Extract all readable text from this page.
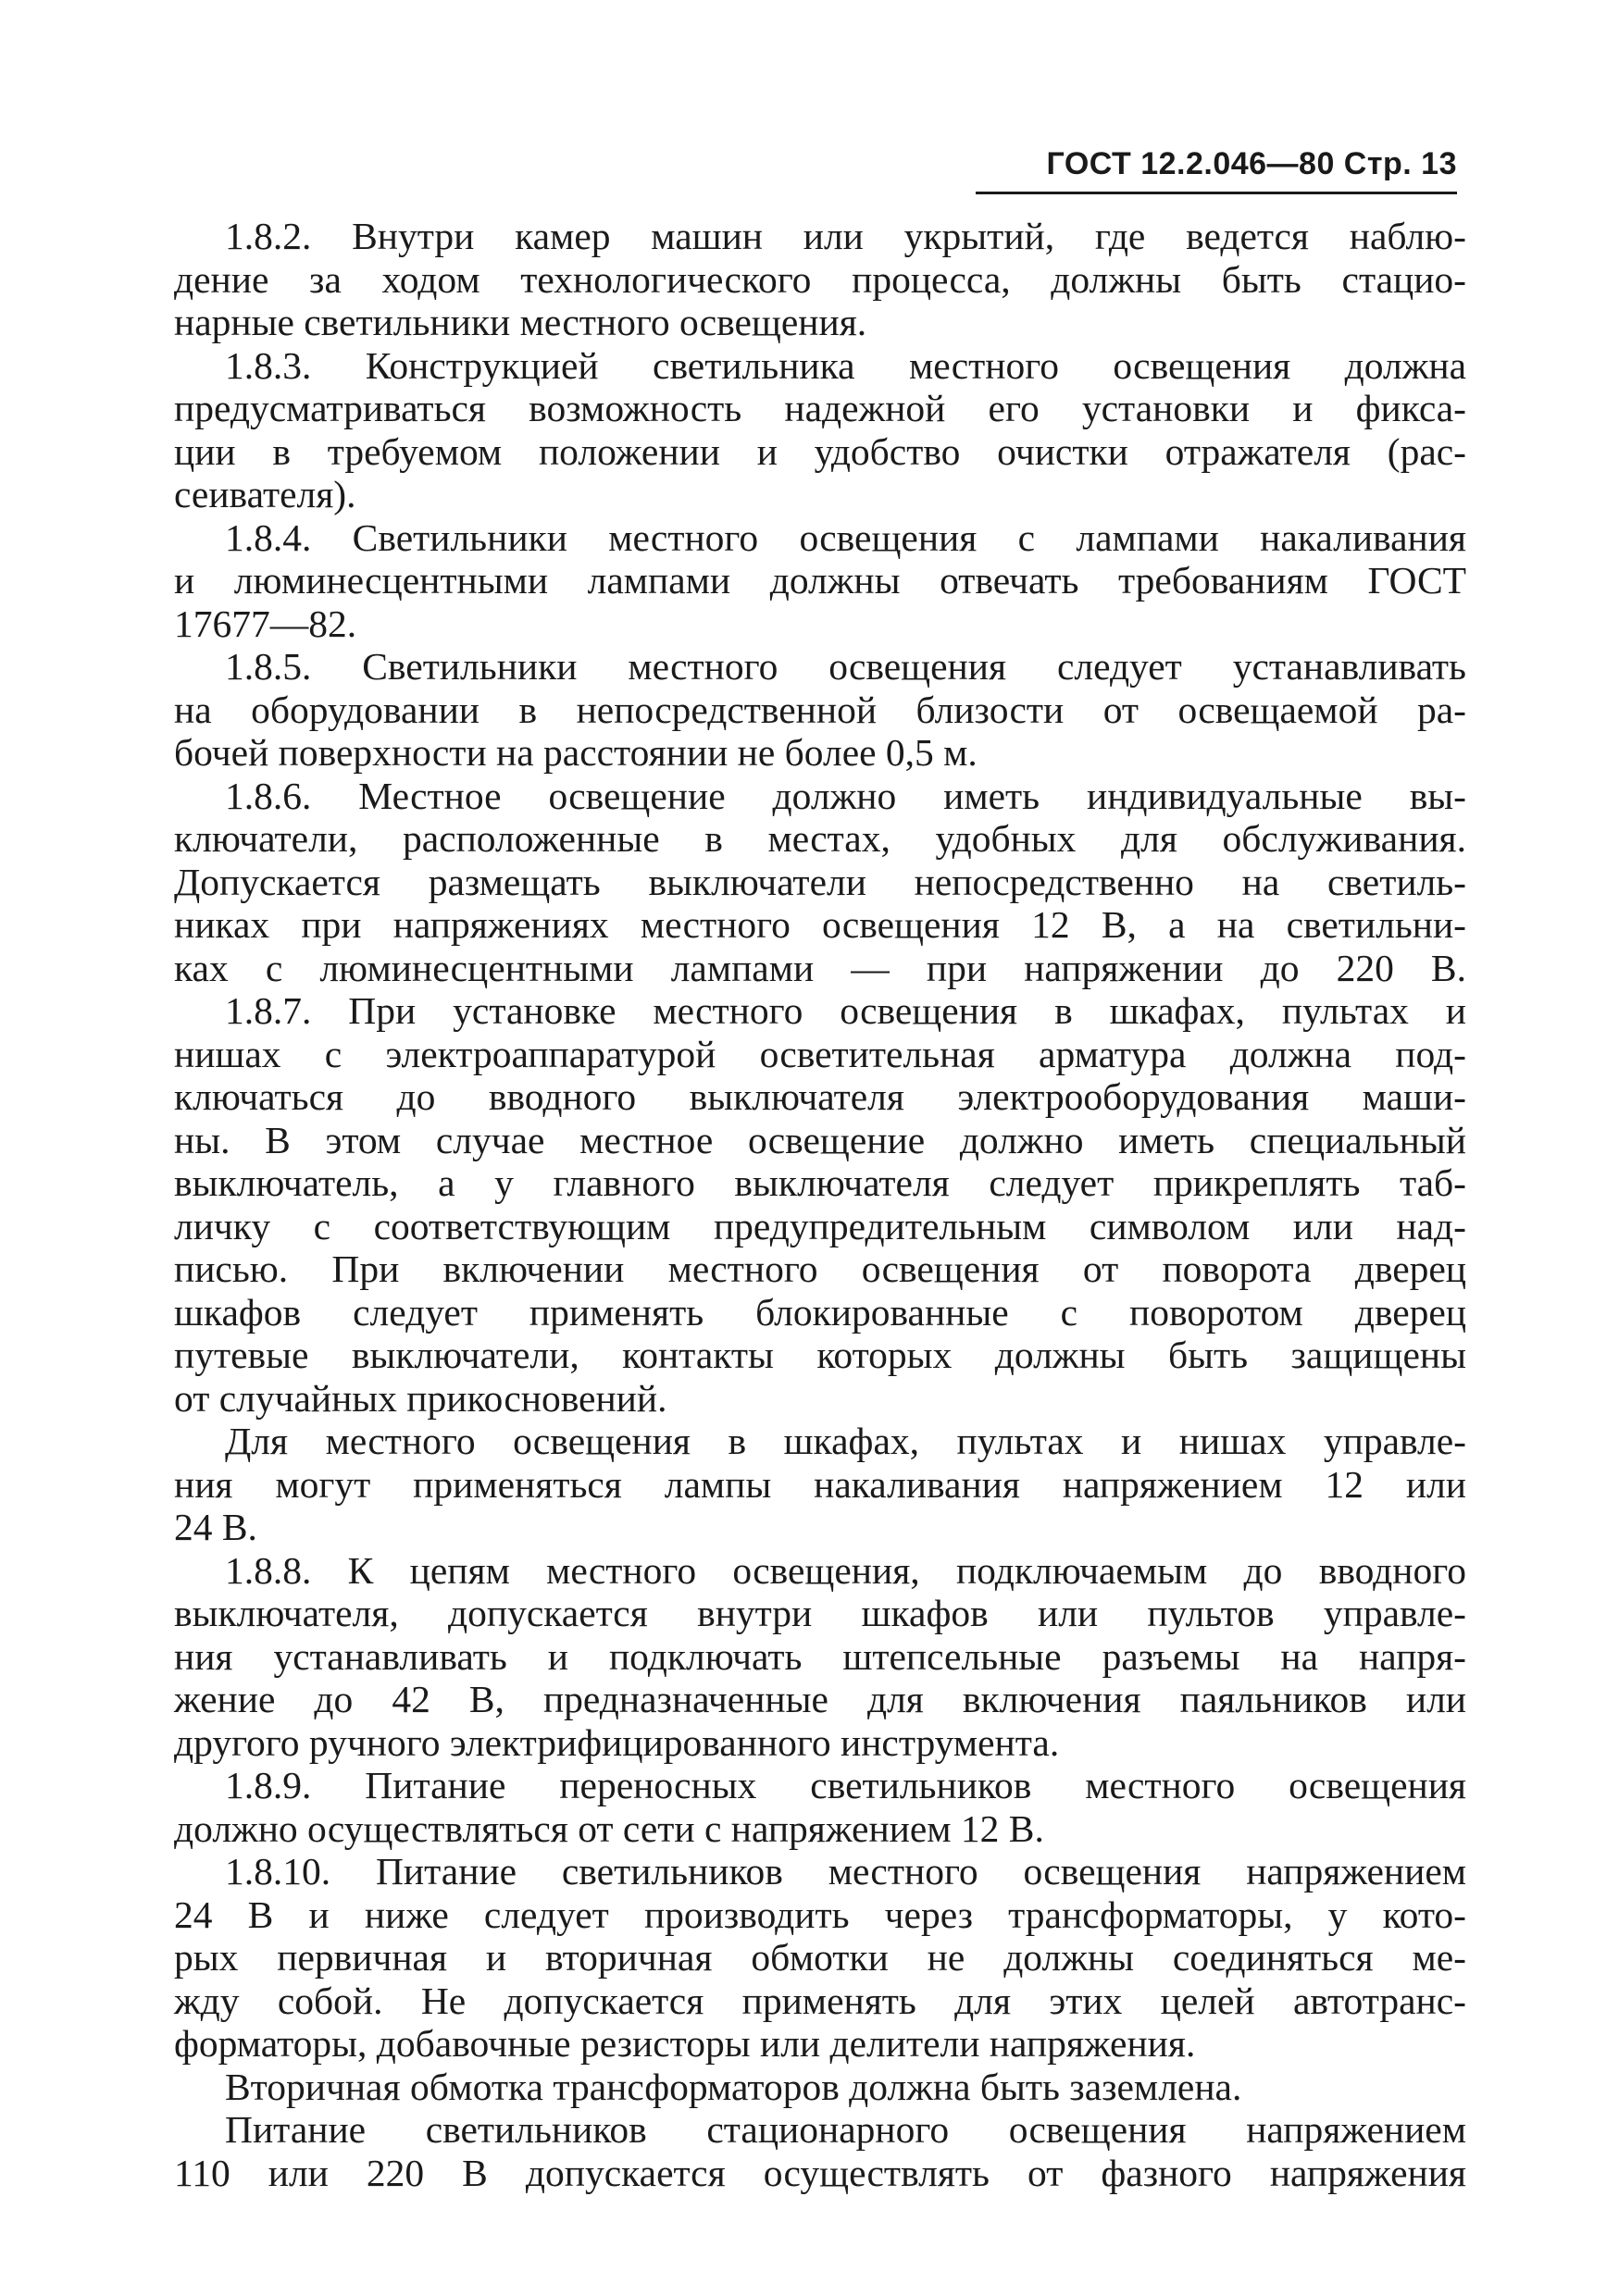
ГОСТ 12.2.046—80 Стр. 13
1.8.2. Внутри камер машин или укрытий, где ведется наблю-
дение за ходом технологического процесса, должны быть стацио-
нарные светильники местного освещения.
1.8.3. Конструкцией светильника местного освещения должна
предусматриваться возможность надежной его установки и фикса-
ции в требуемом положении и удобство очистки отражателя (рас-
сеивателя).
1.8.4. Светильники местного освещения с лампами накаливания
и люминесцентными лампами должны отвечать требованиям ГОСТ
17677—82.
1.8.5. Светильники местного освещения следует устанавливать
на оборудовании в непосредственной близости от освещаемой ра-
бочей поверхности на расстоянии не более 0,5 м.
1.8.6. Местное освещение должно иметь индивидуальные вы-
ключатели, расположенные в местах, удобных для обслуживания.
Допускается размещать выключатели непосредственно на светиль-
никах при напряжениях местного освещения 12 В, а на светильни-
ках с люминесцентными лампами — при напряжении до 220 В.
1.8.7. При установке местного освещения в шкафах, пультах и
нишах с электроаппаратурой осветительная арматура должна под-
ключаться до вводного выключателя электрооборудования маши-
ны. В этом случае местное освещение должно иметь специальный
выключатель, а у главного выключателя следует прикреплять таб-
личку с соответствующим предупредительным символом или над-
писью. При включении местного освещения от поворота дверец
шкафов следует применять блокированные с поворотом дверец
путевые выключатели, контакты которых должны быть защищены
от случайных прикосновений.
Для местного освещения в шкафах, пультах и нишах управле-
ния могут применяться лампы накаливания напряжением 12 или
24 В.
1.8.8. К цепям местного освещения, подключаемым до вводного
выключателя, допускается внутри шкафов или пультов управле-
ния устанавливать и подключать штепсельные разъемы на напря-
жение до 42 В, предназначенные для включения паяльников или
другого ручного электрифицированного инструмента.
1.8.9. Питание переносных светильников местного освещения
должно осуществляться от сети с напряжением 12 В.
1.8.10. Питание светильников местного освещения напряжением
24 В и ниже следует производить через трансформаторы, у кото-
рых первичная и вторичная обмотки не должны соединяться ме-
жду собой. Не допускается применять для этих целей автотранс-
форматоры, добавочные резисторы или делители напряжения.
Вторичная обмотка трансформаторов должна быть заземлена.
Питание светильников стационарного освещения напряжением
110 или 220 В допускается осуществлять от фазного напряжения
